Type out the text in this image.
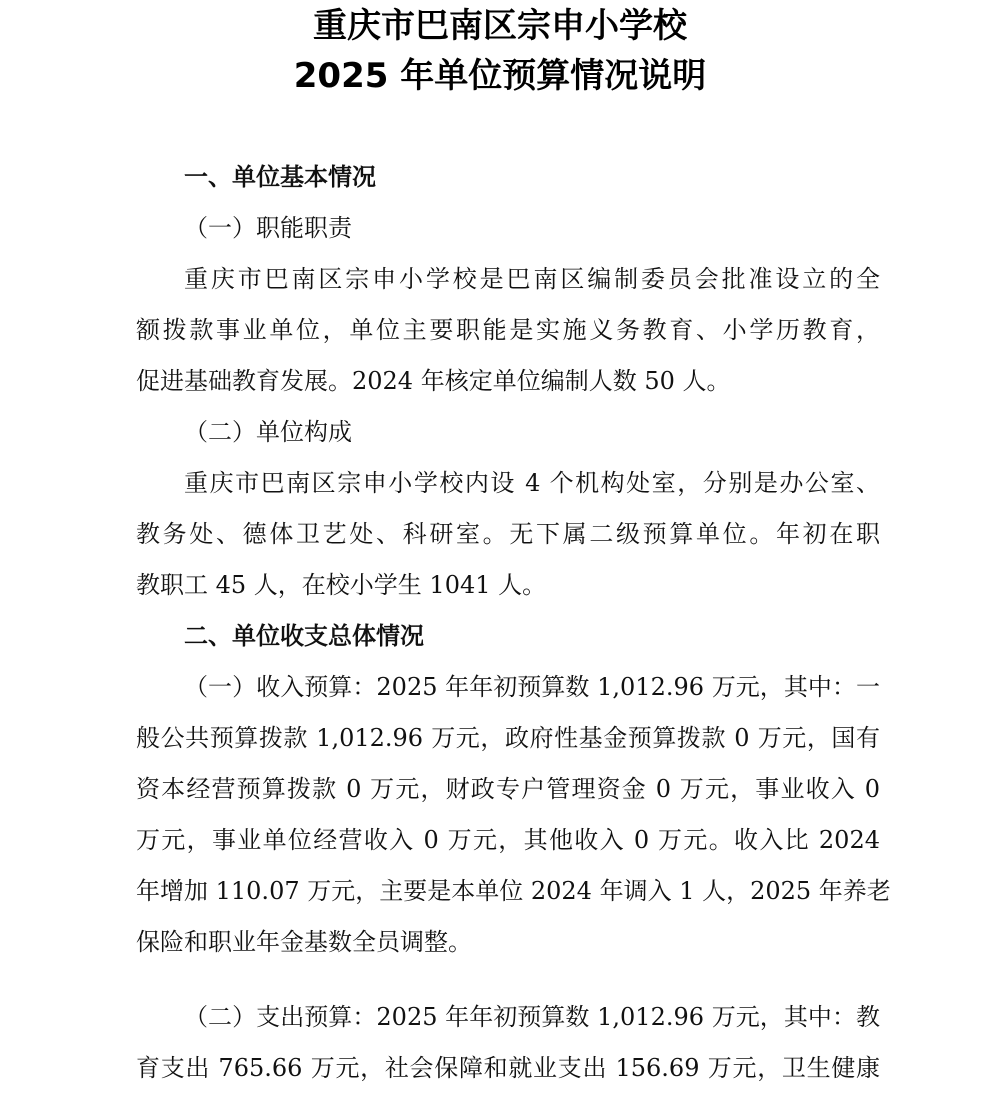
重庆市巴南区宗申小学校
2025 年单位预算情况说明
一、单位基本情况
（一）职能职责
重庆市巴南区宗申小学校是巴南区编制委员会批准设立的全
额拨款事业单位，单位主要职能是实施义务教育、小学历教育，
促进基础教育发展。2024 年核定单位编制人数 50 人。
（二）单位构成
重庆市巴南区宗申小学校内设 4 个机构处室，分别是办公室、
教务处、德体卫艺处、科研室。无下属二级预算单位。年初在职
教职工 45 人，在校小学生 1041 人。
二、单位收支总体情况
（一）收入预算：2025 年年初预算数 1,012.96 万元，其中：一
般公共预算拨款 1,012.96 万元，政府性基金预算拨款 0 万元，国有
资本经营预算拨款 0 万元，财政专户管理资金 0 万元，事业收入 0
万元，事业单位经营收入 0 万元，其他收入 0 万元。收入比 2024
年增加 110.07 万元，主要是本单位 2024 年调入 1 人，2025 年养老
保险和职业年金基数全员调整。
（二）支出预算：2025 年年初预算数 1,012.96 万元，其中：教
育支出 765.66 万元，社会保障和就业支出 156.69 万元，卫生健康
